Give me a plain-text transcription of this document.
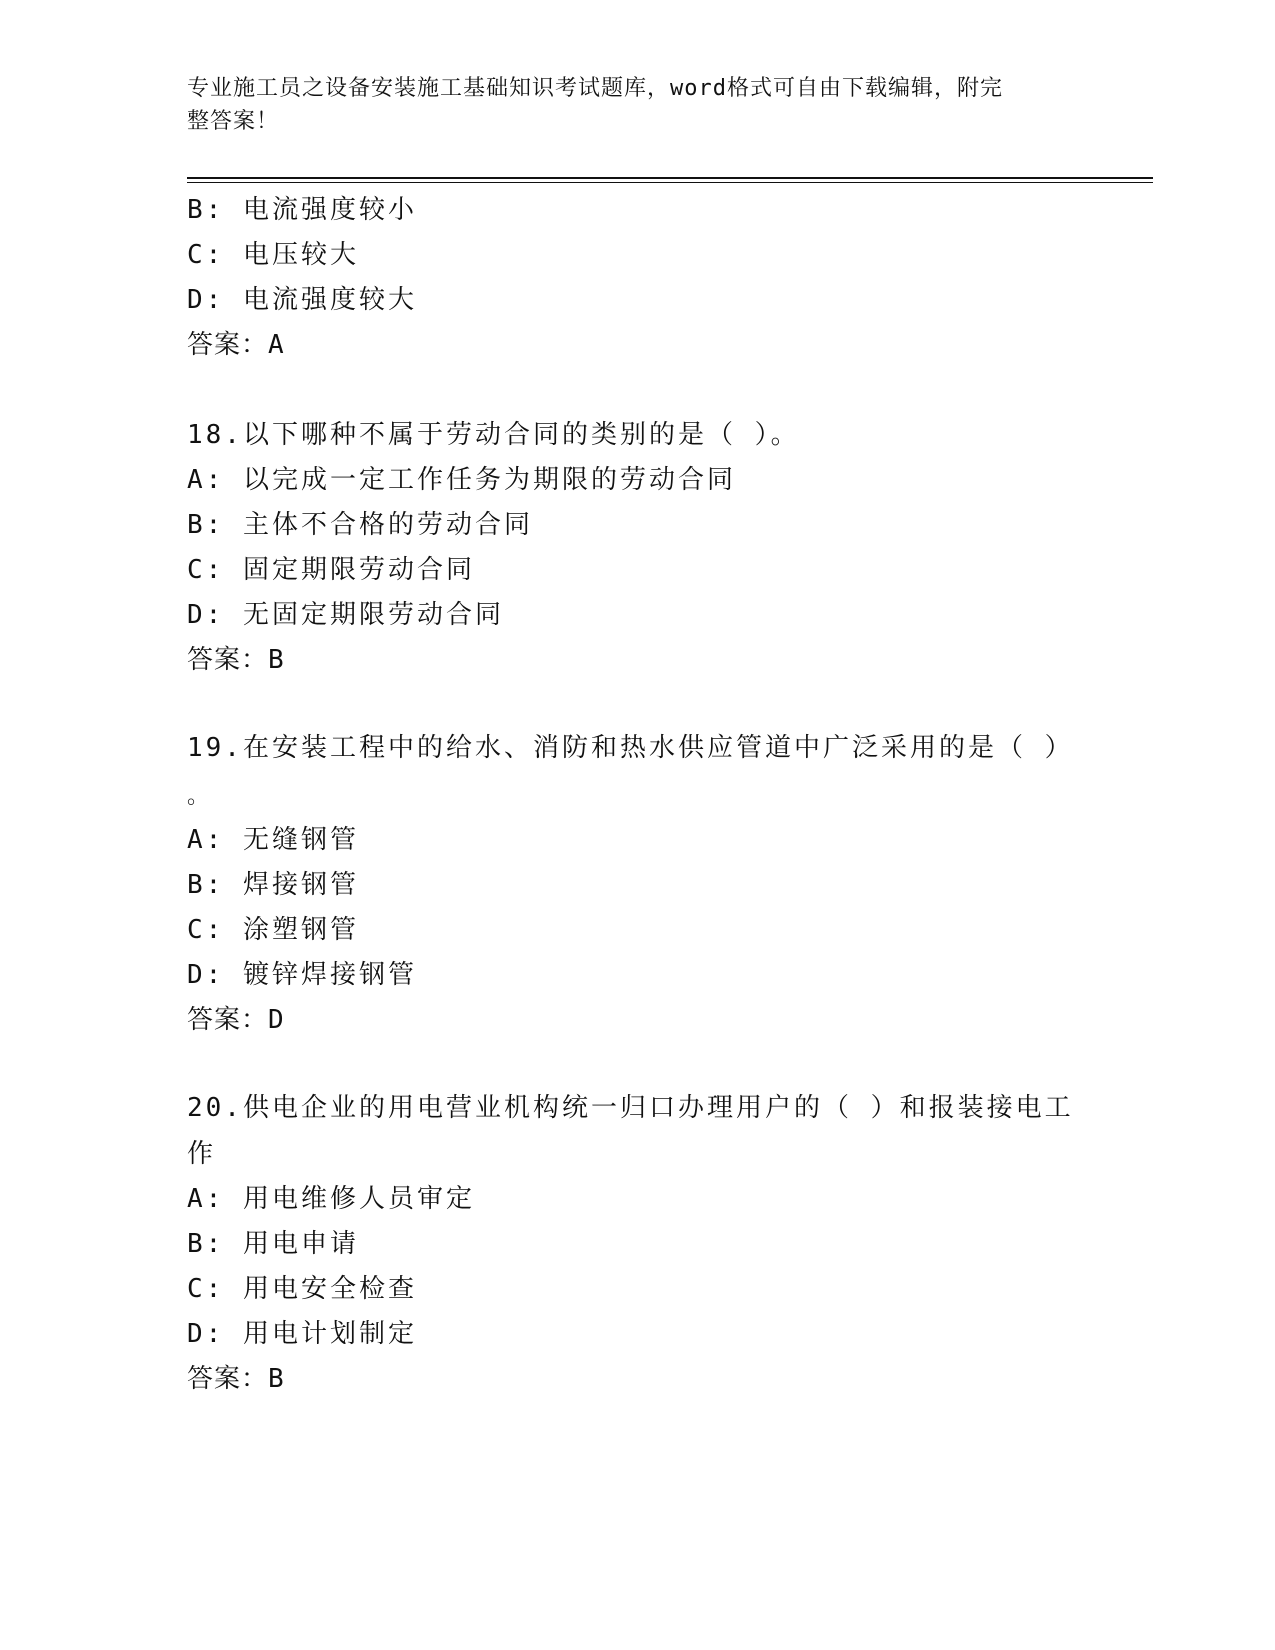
专业施工员之设备安装施工基础知识考试题库，word格式可自由下载编辑，附完
整答案！
B: 电流强度较小
C: 电压较大
D: 电流强度较大
答案：A
18.以下哪种不属于劳动合同的类别的是（ ）。
A: 以完成一定工作任务为期限的劳动合同
B: 主体不合格的劳动合同
C: 固定期限劳动合同
D: 无固定期限劳动合同
答案：B
19.在安装工程中的给水、消防和热水供应管道中广泛采用的是（ ）
。
A: 无缝钢管
B: 焊接钢管
C: 涂塑钢管
D: 镀锌焊接钢管
答案：D
20.供电企业的用电营业机构统一归口办理用户的（ ）和报装接电工
作
A: 用电维修人员审定
B: 用电申请
C: 用电安全检查
D: 用电计划制定
答案：B
